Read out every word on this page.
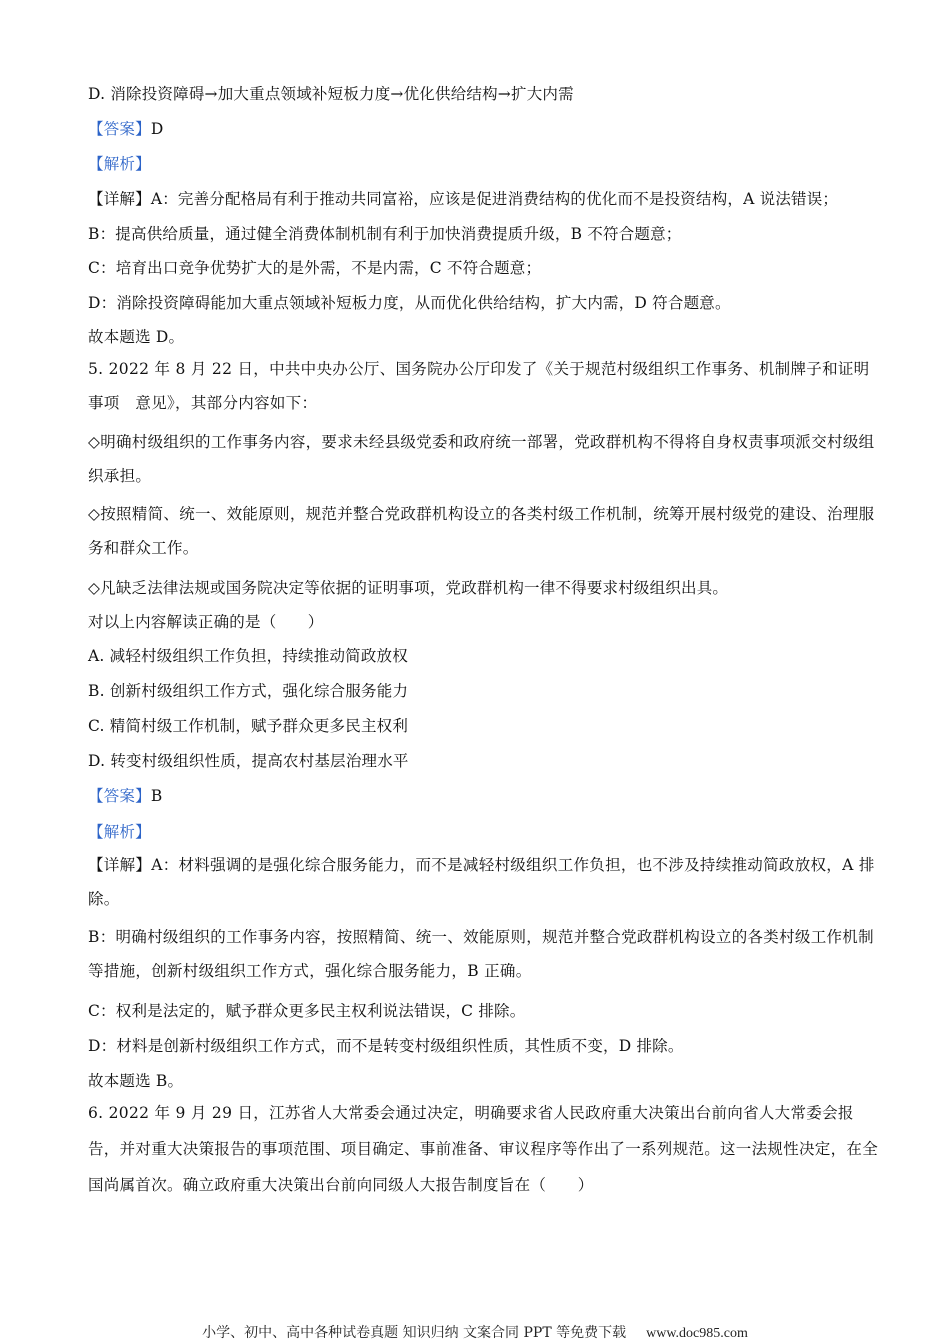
D. 消除投资障碍→加大重点领域补短板力度→优化供给结构→扩大内需
【答案】D
【解析】
【详解】A：完善分配格局有利于推动共同富裕，应该是促进消费结构的优化而不是投资结构，A 说法错误；
B：提高供给质量，通过健全消费体制机制有利于加快消费提质升级，B 不符合题意；
C：培育出口竞争优势扩大的是外需，不是内需，C 不符合题意；
D：消除投资障碍能加大重点领域补短板力度，从而优化供给结构，扩大内需，D 符合题意。
故本题选 D。
5. 2022 年 8 月 22 日，中共中央办公厅、国务院办公厅印发了《关于规范村级组织工作事务、机制牌子和证明事项　意见》，其部分内容如下：
◇明确村级组织的工作事务内容，要求未经县级党委和政府统一部署，党政群机构不得将自身权责事项派交村级组织承担。
◇按照精简、统一、效能原则，规范并整合党政群机构设立的各类村级工作机制，统筹开展村级党的建设、治理服务和群众工作。
◇凡缺乏法律法规或国务院决定等依据的证明事项，党政群机构一律不得要求村级组织出具。
对以上内容解读正确的是（　　）
A. 减轻村级组织工作负担，持续推动简政放权
B. 创新村级组织工作方式，强化综合服务能力
C. 精简村级工作机制，赋予群众更多民主权利
D. 转变村级组织性质，提高农村基层治理水平
【答案】B
【解析】
【详解】A：材料强调的是强化综合服务能力，而不是减轻村级组织工作负担，也不涉及持续推动简政放权，A 排除。
B：明确村级组织的工作事务内容，按照精简、统一、效能原则，规范并整合党政群机构设立的各类村级工作机制等措施，创新村级组织工作方式，强化综合服务能力，B 正确。
C：权利是法定的，赋予群众更多民主权利说法错误，C 排除。
D：材料是创新村级组织工作方式，而不是转变村级组织性质，其性质不变，D 排除。
故本题选 B。
6. 2022 年 9 月 29 日，江苏省人大常委会通过决定，明确要求省人民政府重大决策出台前向省人大常委会报告，并对重大决策报告的事项范围、项目确定、事前准备、审议程序等作出了一系列规范。这一法规性决定，在全国尚属首次。确立政府重大决策出台前向同级人大报告制度旨在（　　）
小学、初中、高中各种试卷真题 知识归纳 文案合同 PPT 等免费下载 www.doc985.com
